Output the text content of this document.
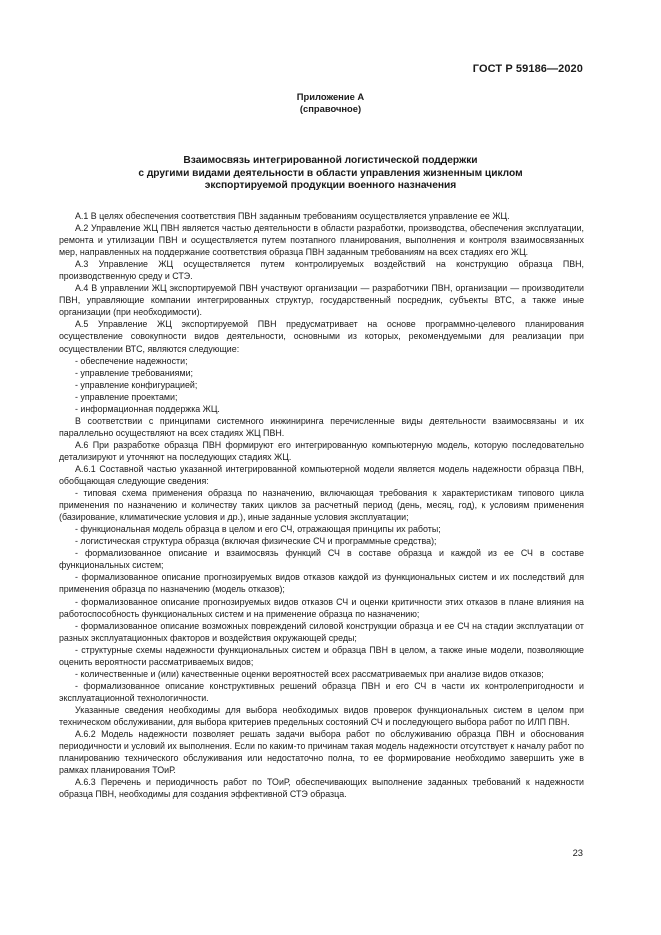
ГОСТ Р 59186—2020
Приложение А
(справочное)
Взаимосвязь интегрированной логистической поддержки
с другими видами деятельности в области управления жизненным циклом
экспортируемой продукции военного назначения

А.1 В целях обеспечения соответствия ПВН заданным требованиям осуществляется управление ее ЖЦ.

А.2 Управление ЖЦ ПВН является частью деятельности в области разработки, производства, обеспечения эксплуатации, ремонта и утилизации ПВН и осуществляется путем поэтапного планирования, выполнения и контроля взаимосвязанных мер, направленных на поддержание соответствия образца ПВН заданным требованиям на всех стадиях его ЖЦ.

А.3 Управление ЖЦ осуществляется путем контролируемых воздействий на конструкцию образца ПВН, производственную среду и СТЭ.

А.4 В управлении ЖЦ экспортируемой ПВН участвуют организации — разработчики ПВН, организации — производители ПВН, управляющие компании интегрированных структур, государственный посредник, субъекты ВТС, а также иные организации (при необходимости).

А.5 Управление ЖЦ экспортируемой ПВН предусматривает на основе программно-целевого планирования осуществление совокупности видов деятельности, основными из которых, рекомендуемыми для реализации при осуществлении ВТС, являются следующие:

- обеспечение надежности;

- управление требованиями;

- управление конфигурацией;

- управление проектами;

- информационная поддержка ЖЦ.

В соответствии с принципами системного инжиниринга перечисленные виды деятельности взаимосвязаны и их параллельно осуществляют на всех стадиях ЖЦ ПВН.

А.6 При разработке образца ПВН формируют его интегрированную компьютерную модель, которую последовательно детализируют и уточняют на последующих стадиях ЖЦ.

А.6.1 Составной частью указанной интегрированной компьютерной модели является модель надежности образца ПВН, обобщающая следующие сведения:

- типовая схема применения образца по назначению, включающая требования к характеристикам типового цикла применения по назначению и количеству таких циклов за расчетный период (день, месяц, год), к условиям применения (базирование, климатические условия и др.), иные заданные условия эксплуатации;

- функциональная модель образца в целом и его СЧ, отражающая принципы их работы;

- логистическая структура образца (включая физические СЧ и программные средства);

- формализованное описание и взаимосвязь функций СЧ в составе образца и каждой из ее СЧ в составе функциональных систем;

- формализованное описание прогнозируемых видов отказов каждой из функциональных систем и их последствий для применения образца по назначению (модель отказов);

- формализованное описание прогнозируемых видов отказов СЧ и оценки критичности этих отказов в плане влияния на работоспособность функциональных систем и на применение образца по назначению;

- формализованное описание возможных повреждений силовой конструкции образца и ее СЧ на стадии эксплуатации от разных эксплуатационных факторов и воздействия окружающей среды;

- структурные схемы надежности функциональных систем и образца ПВН в целом, а также иные модели, позволяющие оценить вероятности рассматриваемых видов;

- количественные и (или) качественные оценки вероятностей всех рассматриваемых при анализе видов отказов;

- формализованное описание конструктивных решений образца ПВН и его СЧ в части их контролепригодности и эксплуатационной технологичности.

Указанные сведения необходимы для выбора необходимых видов проверок функциональных систем в целом при техническом обслуживании, для выбора критериев предельных состояний СЧ и последующего выбора работ по ИЛП ПВН.

А.6.2 Модель надежности позволяет решать задачи выбора работ по обслуживанию образца ПВН и обоснования периодичности и условий их выполнения. Если по каким-то причинам такая модель надежности отсутствует к началу работ по планированию технического обслуживания или недостаточно полна, то ее формирование необходимо завершить уже в рамках планирования ТОиР.

А.6.3 Перечень и периодичность работ по ТОиР, обеспечивающих выполнение заданных требований к надежности образца ПВН, необходимы для создания эффективной СТЭ образца.

23
